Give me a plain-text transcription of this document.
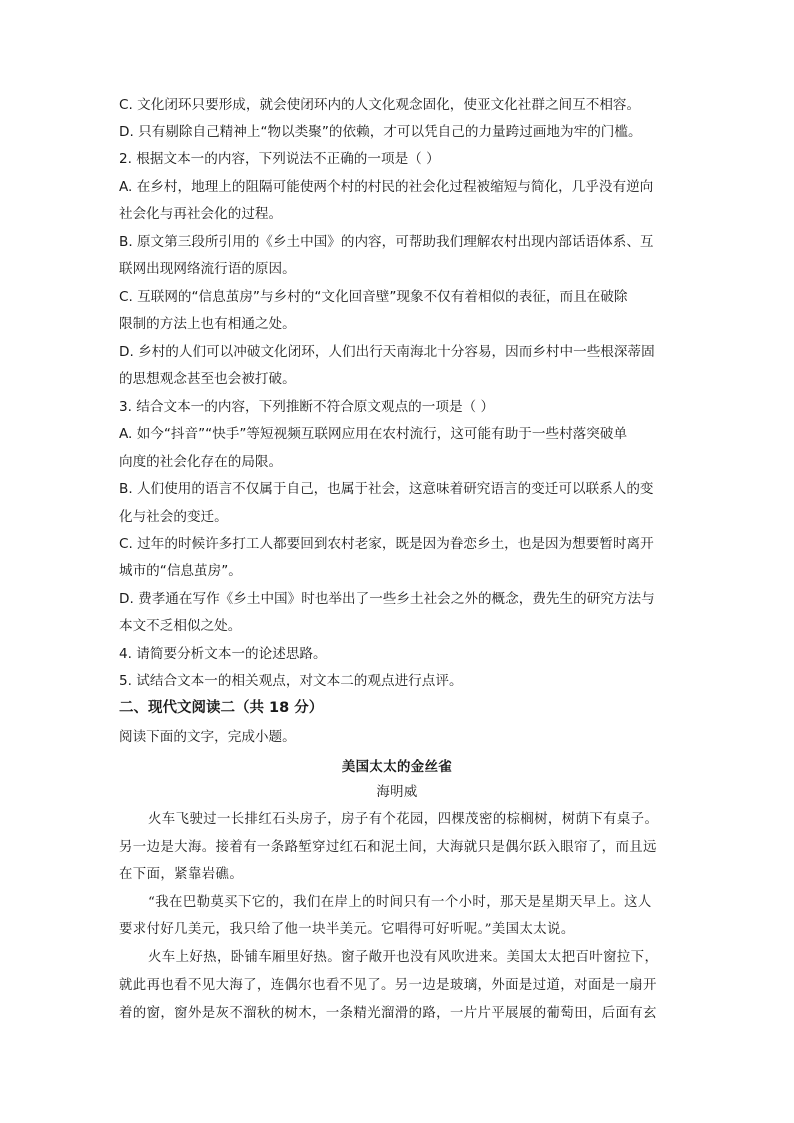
C. 文化闭环只要形成，就会使闭环内的人文化观念固化，使亚文化社群之间互不相容。
D. 只有剔除自己精神上“物以类聚”的依赖，才可以凭自己的力量跨过画地为牢的门槛。
2. 根据文本一的内容，下列说法不正确的一项是（ ）
A. 在乡村，地理上的阻隔可能使两个村的村民的社会化过程被缩短与简化，几乎没有逆向
社会化与再社会化的过程。
B. 原文第三段所引用的《乡土中国》的内容，可帮助我们理解农村出现内部话语体系、互
联网出现网络流行语的原因。
C. 互联网的“信息茧房”与乡村的“文化回音壁”现象不仅有着相似的表征，而且在破除
限制的方法上也有相通之处。
D. 乡村的人们可以冲破文化闭环，人们出行天南海北十分容易，因而乡村中一些根深蒂固
的思想观念甚至也会被打破。
3. 结合文本一的内容，下列推断不符合原文观点的一项是（ ）
A. 如今“抖音”“快手”等短视频互联网应用在农村流行，这可能有助于一些村落突破单
向度的社会化存在的局限。
B. 人们使用的语言不仅属于自己，也属于社会，这意味着研究语言的变迁可以联系人的变
化与社会的变迁。
C. 过年的时候许多打工人都要回到农村老家，既是因为眷恋乡土，也是因为想要暂时离开
城市的“信息茧房”。
D. 费孝通在写作《乡土中国》时也举出了一些乡土社会之外的概念，费先生的研究方法与
本文不乏相似之处。
4. 请简要分析文本一的论述思路。
5. 试结合文本一的相关观点，对文本二的观点进行点评。
二、现代文阅读二（共 18 分）
阅读下面的文字，完成小题。
美国太太的金丝雀
海明威
火车飞驶过一长排红石头房子，房子有个花园，四棵茂密的棕榈树，树荫下有桌子。
另一边是大海。接着有一条路堑穿过红石和泥土间，大海就只是偶尔跃入眼帘了，而且远
在下面，紧靠岩礁。
“我在巴勒莫买下它的，我们在岸上的时间只有一个小时，那天是星期天早上。这人
要求付好几美元，我只给了他一块半美元。它唱得可好听呢。”美国太太说。
火车上好热，卧铺车厢里好热。窗子敞开也没有风吹进来。美国太太把百叶窗拉下，
就此再也看不见大海了，连偶尔也看不见了。另一边是玻璃，外面是过道，对面是一扇开
着的窗，窗外是灰不溜秋的树木，一条精光溜滑的路，一片片平展展的葡萄田，后面有玄
